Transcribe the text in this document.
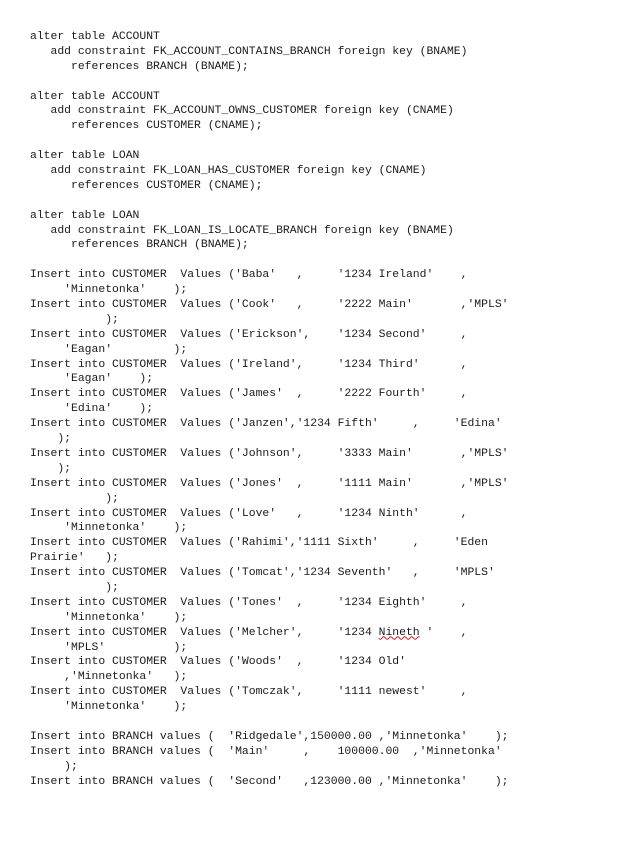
alter table ACCOUNT
add constraint FK_ACCOUNT_CONTAINS_BRANCH foreign key (BNAME)
references BRANCH (BNAME);
alter table ACCOUNT
add constraint FK_ACCOUNT_OWNS_CUSTOMER foreign key (CNAME)
references CUSTOMER (CNAME);
alter table LOAN
add constraint FK_LOAN_HAS_CUSTOMER foreign key (CNAME)
references CUSTOMER (CNAME);
alter table LOAN
add constraint FK_LOAN_IS_LOCATE_BRANCH foreign key (BNAME)
references BRANCH (BNAME);
Insert into CUSTOMER  Values ('Baba'   ,     '1234 Ireland'    ,
'Minnetonka'    );
Insert into CUSTOMER  Values ('Cook'   ,     '2222 Main'       ,'MPLS'
);
Insert into CUSTOMER  Values ('Erickson',    '1234 Second'     ,
'Eagan'         );
Insert into CUSTOMER  Values ('Ireland',     '1234 Third'      ,
'Eagan'    );
Insert into CUSTOMER  Values ('James'  ,     '2222 Fourth'     ,
'Edina'    );
Insert into CUSTOMER  Values ('Janzen','1234 Fifth'     ,     'Edina'
);
Insert into CUSTOMER  Values ('Johnson',     '3333 Main'       ,'MPLS'
);
Insert into CUSTOMER  Values ('Jones'  ,     '1111 Main'       ,'MPLS'
);
Insert into CUSTOMER  Values ('Love'   ,     '1234 Ninth'      ,
'Minnetonka'    );
Insert into CUSTOMER  Values ('Rahimi','1111 Sixth'     ,     'Eden
Prairie'   );
Insert into CUSTOMER  Values ('Tomcat','1234 Seventh'   ,     'MPLS'
);
Insert into CUSTOMER  Values ('Tones'  ,     '1234 Eighth'     ,
'Minnetonka'    );
Insert into CUSTOMER  Values ('Melcher',     '1234 Nineth '    ,
'MPLS'          );
Insert into CUSTOMER  Values ('Woods'  ,     '1234 Old'
,'Minnetonka'   );
Insert into CUSTOMER  Values ('Tomczak',     '1111 newest'     ,
'Minnetonka'    );
Insert into BRANCH values (  'Ridgedale',150000.00 ,'Minnetonka'    );
Insert into BRANCH values (  'Main'     ,    100000.00  ,'Minnetonka'
);
Insert into BRANCH values (  'Second'   ,123000.00 ,'Minnetonka'    );
